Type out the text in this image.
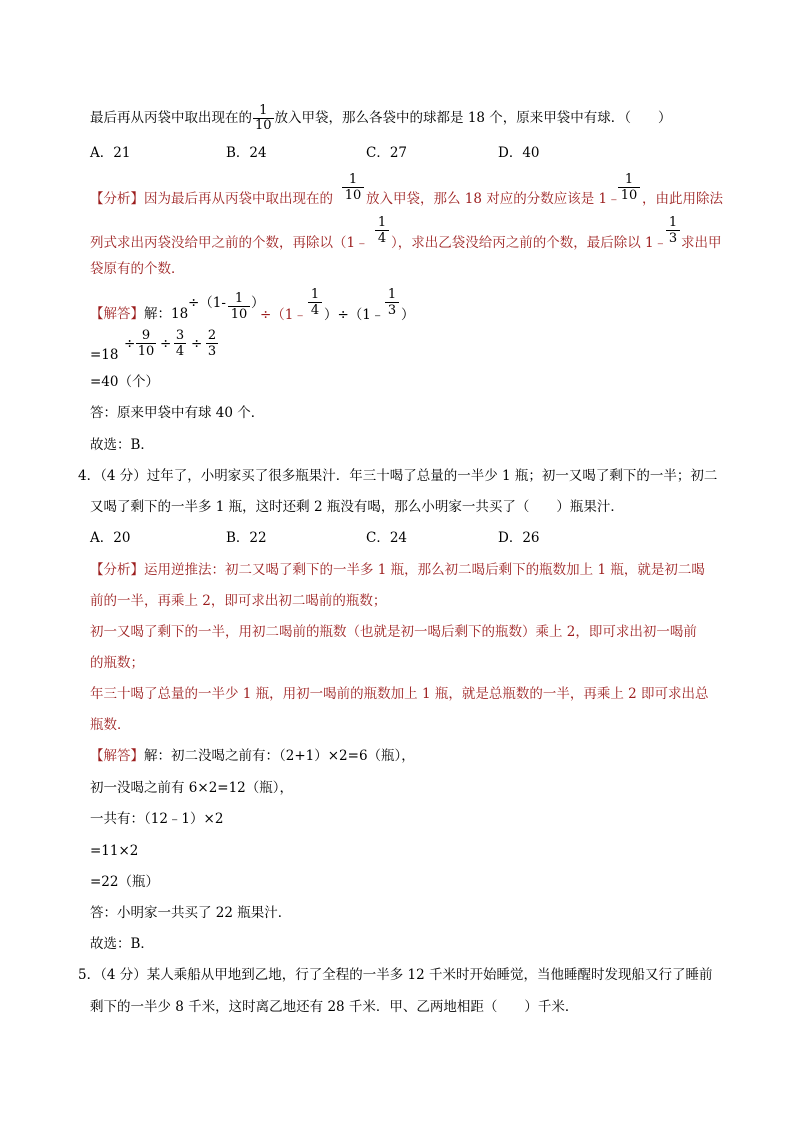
最后再从丙袋中取出现在的 $\frac{1}{10}$ 放入甲袋，那么各袋中的球都是 18 个，原来甲袋中有球．（　　）
A．21	B．24	C．27	D．40
【分析】因为最后再从丙袋中取出现在的 $\frac{1}{10}$ 放入甲袋，那么 18 对应的分数应该是 1﹣
$\frac{1}{10}$ ，由此用除法
列式求出丙袋没给甲之前的个数，再除以（1﹣ $\frac{1}{4}$ ），求出乙袋没给丙之前的个数，最后除以 1﹣
$\frac{1}{3}$ 求出甲
袋原有的个数．
【解答】解：18
$\div(1- \frac{1}{10}$ ）
÷（1﹣ $\frac{1}{4}$ ）÷（1﹣ $\frac{1}{3}$ ）
=18
÷ $\frac{9}{10} \div \frac{3}{4} \div \frac{2}{3}$
=40（个）
答：原来甲袋中有球 40 个．
故选：B．
4．（4 分）过年了，小明家买了很多瓶果汁．年三十喝了总量的一半少 1 瓶；初一又喝了剩下的一半；初二
又喝了剩下的一半多 1 瓶，这时还剩 2 瓶没有喝，那么小明家一共买了（　　）瓶果汁．
A．20	B．22	C．24	D．26
【分析】运用逆推法：初二又喝了剩下的一半多 1 瓶，那么初二喝后剩下的瓶数加上 1 瓶，就是初二喝
前的一半，再乘上 2，即可求出初二喝前的瓶数；
初一又喝了剩下的一半，用初二喝前的瓶数（也就是初一喝后剩下的瓶数）乘上 2，即可求出初一喝前
的瓶数；
年三十喝了总量的一半少 1 瓶，用初一喝前的瓶数加上 1 瓶，就是总瓶数的一半，再乘上 2 即可求出总
瓶数．
【解答】解：初二没喝之前有：（2+1）×2=6（瓶），
初一没喝之前有 6×2=12（瓶），
一共有：（12﹣1）×2
=11×2
=22（瓶）
答：小明家一共买了 22 瓶果汁．
故选：B．
5．（4 分）某人乘船从甲地到乙地，行了全程的一半多 12 千米时开始睡觉，当他睡醒时发现船又行了睡前
剩下的一半少 8 千米，这时离乙地还有 28 千米．甲、乙两地相距（　　）千米．
